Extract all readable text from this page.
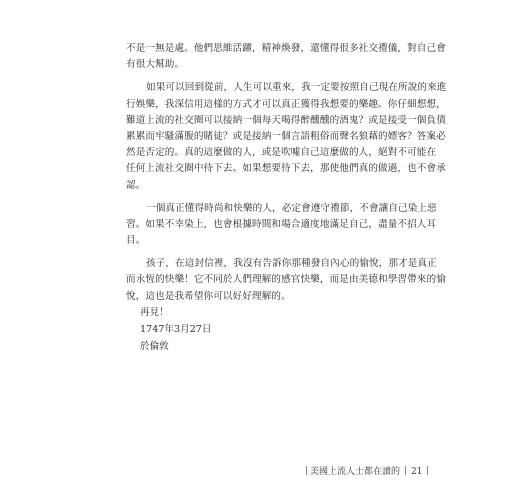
不是一無是處。他們思維活躍，精神煥發，還懂得很多社交禮儀，對自己會
有很大幫助。
如果可以回到從前，人生可以重來，我一定要按照自己現在所說的來進
行娛樂，我深信用這樣的方式才可以真正獲得我想要的樂趣。你仔細想想，
難道上流的社交圈可以接納一個每天喝得醉醺醺的酒鬼？或是接受一個負債
累累而牢騷滿腹的賭徒？或是接納一個言語粗俗而聲名狼藉的嫖客？答案必
然是否定的。真的這麼做的人，或是吹噓自己這麼做的人，絕對不可能在
任何上流社交圈中待下去。如果想要待下去，那使他們真的做過，也不會承
認。
一個真正懂得時尚和快樂的人，必定會遵守禮節，不會讓自己染上惡
習。如果不幸染上，也會根據時間和場合適度地滿足自己，盡量不招人耳
目。
孩子，在這封信裡，我沒有告訴你那種發自內心的愉悅，那才是真正
而永恆的快樂！它不同於人們理解的感官快樂，而是由美德和學習帶來的愉
悅，這也是我希望你可以好好理解的。
再見！
1747年3月27日
於倫敦
美國上流人士都在讀的 21
